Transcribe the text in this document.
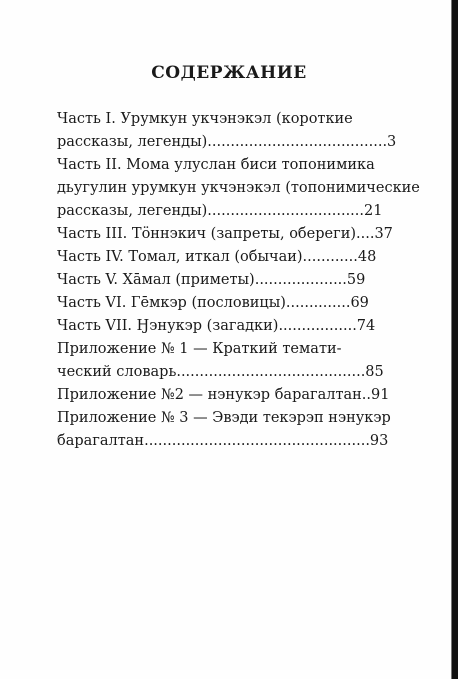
СОДЕРЖАНИЕ
Часть I. Урумкун укчэнэкэл (короткие
рассказы, легенды).......................................3
Часть II. Мома улуслан биси топонимика
дьугулин урумкун укчэнэкэл (топонимические
рассказы, легенды)..................................21
Часть III. Тӧннэкич (запреты, обереги)....37
Часть IV. Томал, иткал (обычаи)............48
Часть V. Хāмал (приметы)....................59
Часть VI. Гēмкэр (пословицы)..............69
Часть VII. Ӈэнукэр (загадки).................74
Приложение № 1 — Краткий темати-
ческий словарь.........................................85
Приложение №2 — нэнукэр барагалтан..91
Приложение № 3 — Эвэди текэрэп нэнукэр
барагалтан.................................................93
